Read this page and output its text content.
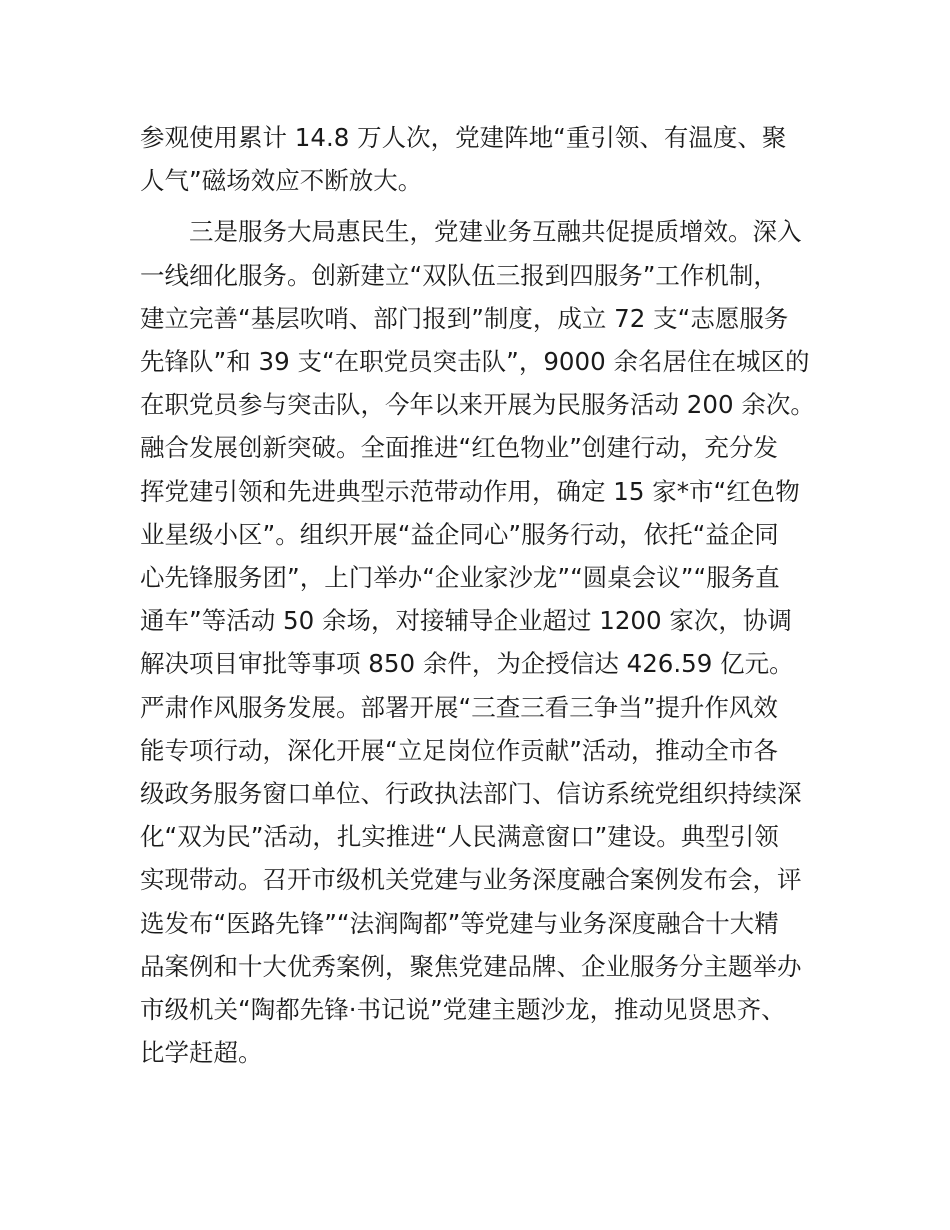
参观使用累计 14.8 万人次，党建阵地“重引领、有温度、聚
人气”磁场效应不断放大。
三是服务大局惠民生，党建业务互融共促提质增效。深入
一线细化服务。创新建立“双队伍三报到四服务”工作机制，
建立完善“基层吹哨、部门报到”制度，成立 72 支“志愿服务
先锋队”和 39 支“在职党员突击队”，9000 余名居住在城区的
在职党员参与突击队，今年以来开展为民服务活动 200 余次。
融合发展创新突破。全面推进“红色物业”创建行动，充分发
挥党建引领和先进典型示范带动作用，确定 15 家*市“红色物
业星级小区”。组织开展“益企同心”服务行动，依托“益企同
心先锋服务团”，上门举办“企业家沙龙”“圆桌会议”“服务直
通车”等活动 50 余场，对接辅导企业超过 1200 家次，协调
解决项目审批等事项 850 余件，为企授信达 426.59 亿元。
严肃作风服务发展。部署开展“三查三看三争当”提升作风效
能专项行动，深化开展“立足岗位作贡献”活动，推动全市各
级政务服务窗口单位、行政执法部门、信访系统党组织持续深
化“双为民”活动，扎实推进“人民满意窗口”建设。典型引领
实现带动。召开市级机关党建与业务深度融合案例发布会，评
选发布“医路先锋”“法润陶都”等党建与业务深度融合十大精
品案例和十大优秀案例，聚焦党建品牌、企业服务分主题举办
市级机关“陶都先锋·书记说”党建主题沙龙，推动见贤思齐、
比学赶超。
